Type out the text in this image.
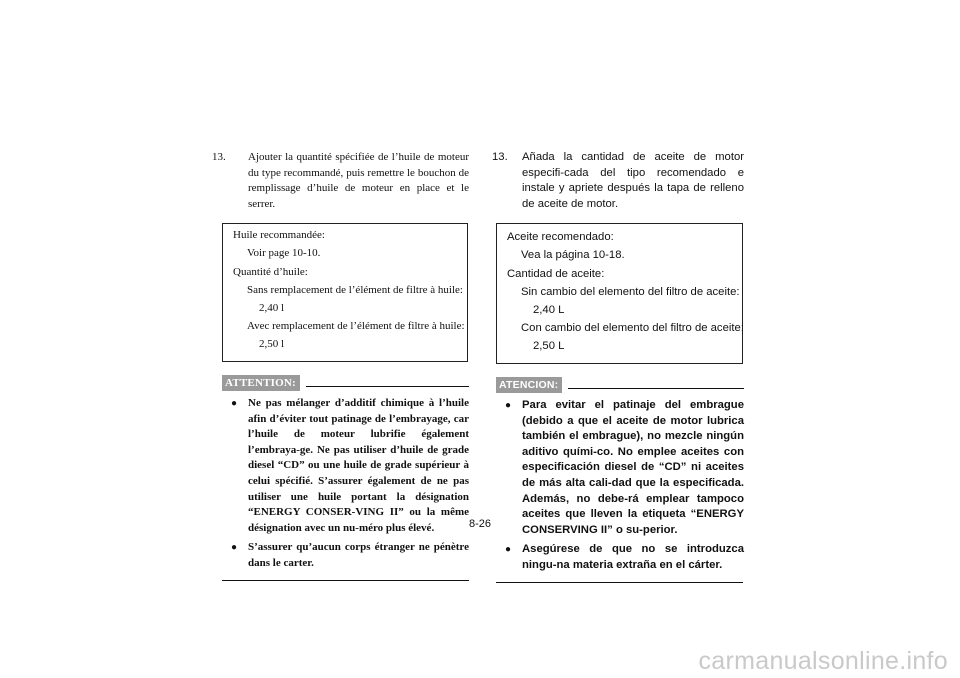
13. Ajouter la quantité spécifiée de l’huile de moteur du type recommandé, puis remettre le bouchon de remplissage d’huile de moteur en place et le serrer.
Huile recommandée:
Voir page 10-10.
Quantité d’huile:
Sans remplacement de l’élément de filtre à huile:
2,40 l
Avec remplacement de l’élément de filtre à huile:
2,50 l
ATTENTION:
● Ne pas mélanger d’additif chimique à l’huile afin d’éviter tout patinage de l’embrayage, car l’huile de moteur lubrifie également l’embraya-ge. Ne pas utiliser d’huile de grade diesel “CD” ou une huile de grade supérieur à celui spécifié. S’assurer également de ne pas utiliser une huile portant la désignation “ENERGY CONSER-VING II” ou la même désignation avec un nu-méro plus élevé.
● S’assurer qu’aucun corps étranger ne pénètre dans le carter.
13. Añada la cantidad de aceite de motor especifi-cada del tipo recomendado e instale y apriete después la tapa de relleno de aceite de motor.
Aceite recomendado:
Vea la página 10-18.
Cantidad de aceite:
Sin cambio del elemento del filtro de aceite:
2,40 L
Con cambio del elemento del filtro de aceite:
2,50 L
ATENCION:
● Para evitar el patinaje del embrague (debido a que el aceite de motor lubrica también el embrague), no mezcle ningún aditivo quími-co. No emplee aceites con especificación diesel de “CD” ni aceites de más alta cali-dad que la especificada. Además, no debe-rá emplear tampoco aceites que lleven la etiqueta “ENERGY CONSERVING II” o su-perior.
● Asegúrese de que no se introduzca ningu-na materia extraña en el cárter.
8-26
carmanualsonline.info
